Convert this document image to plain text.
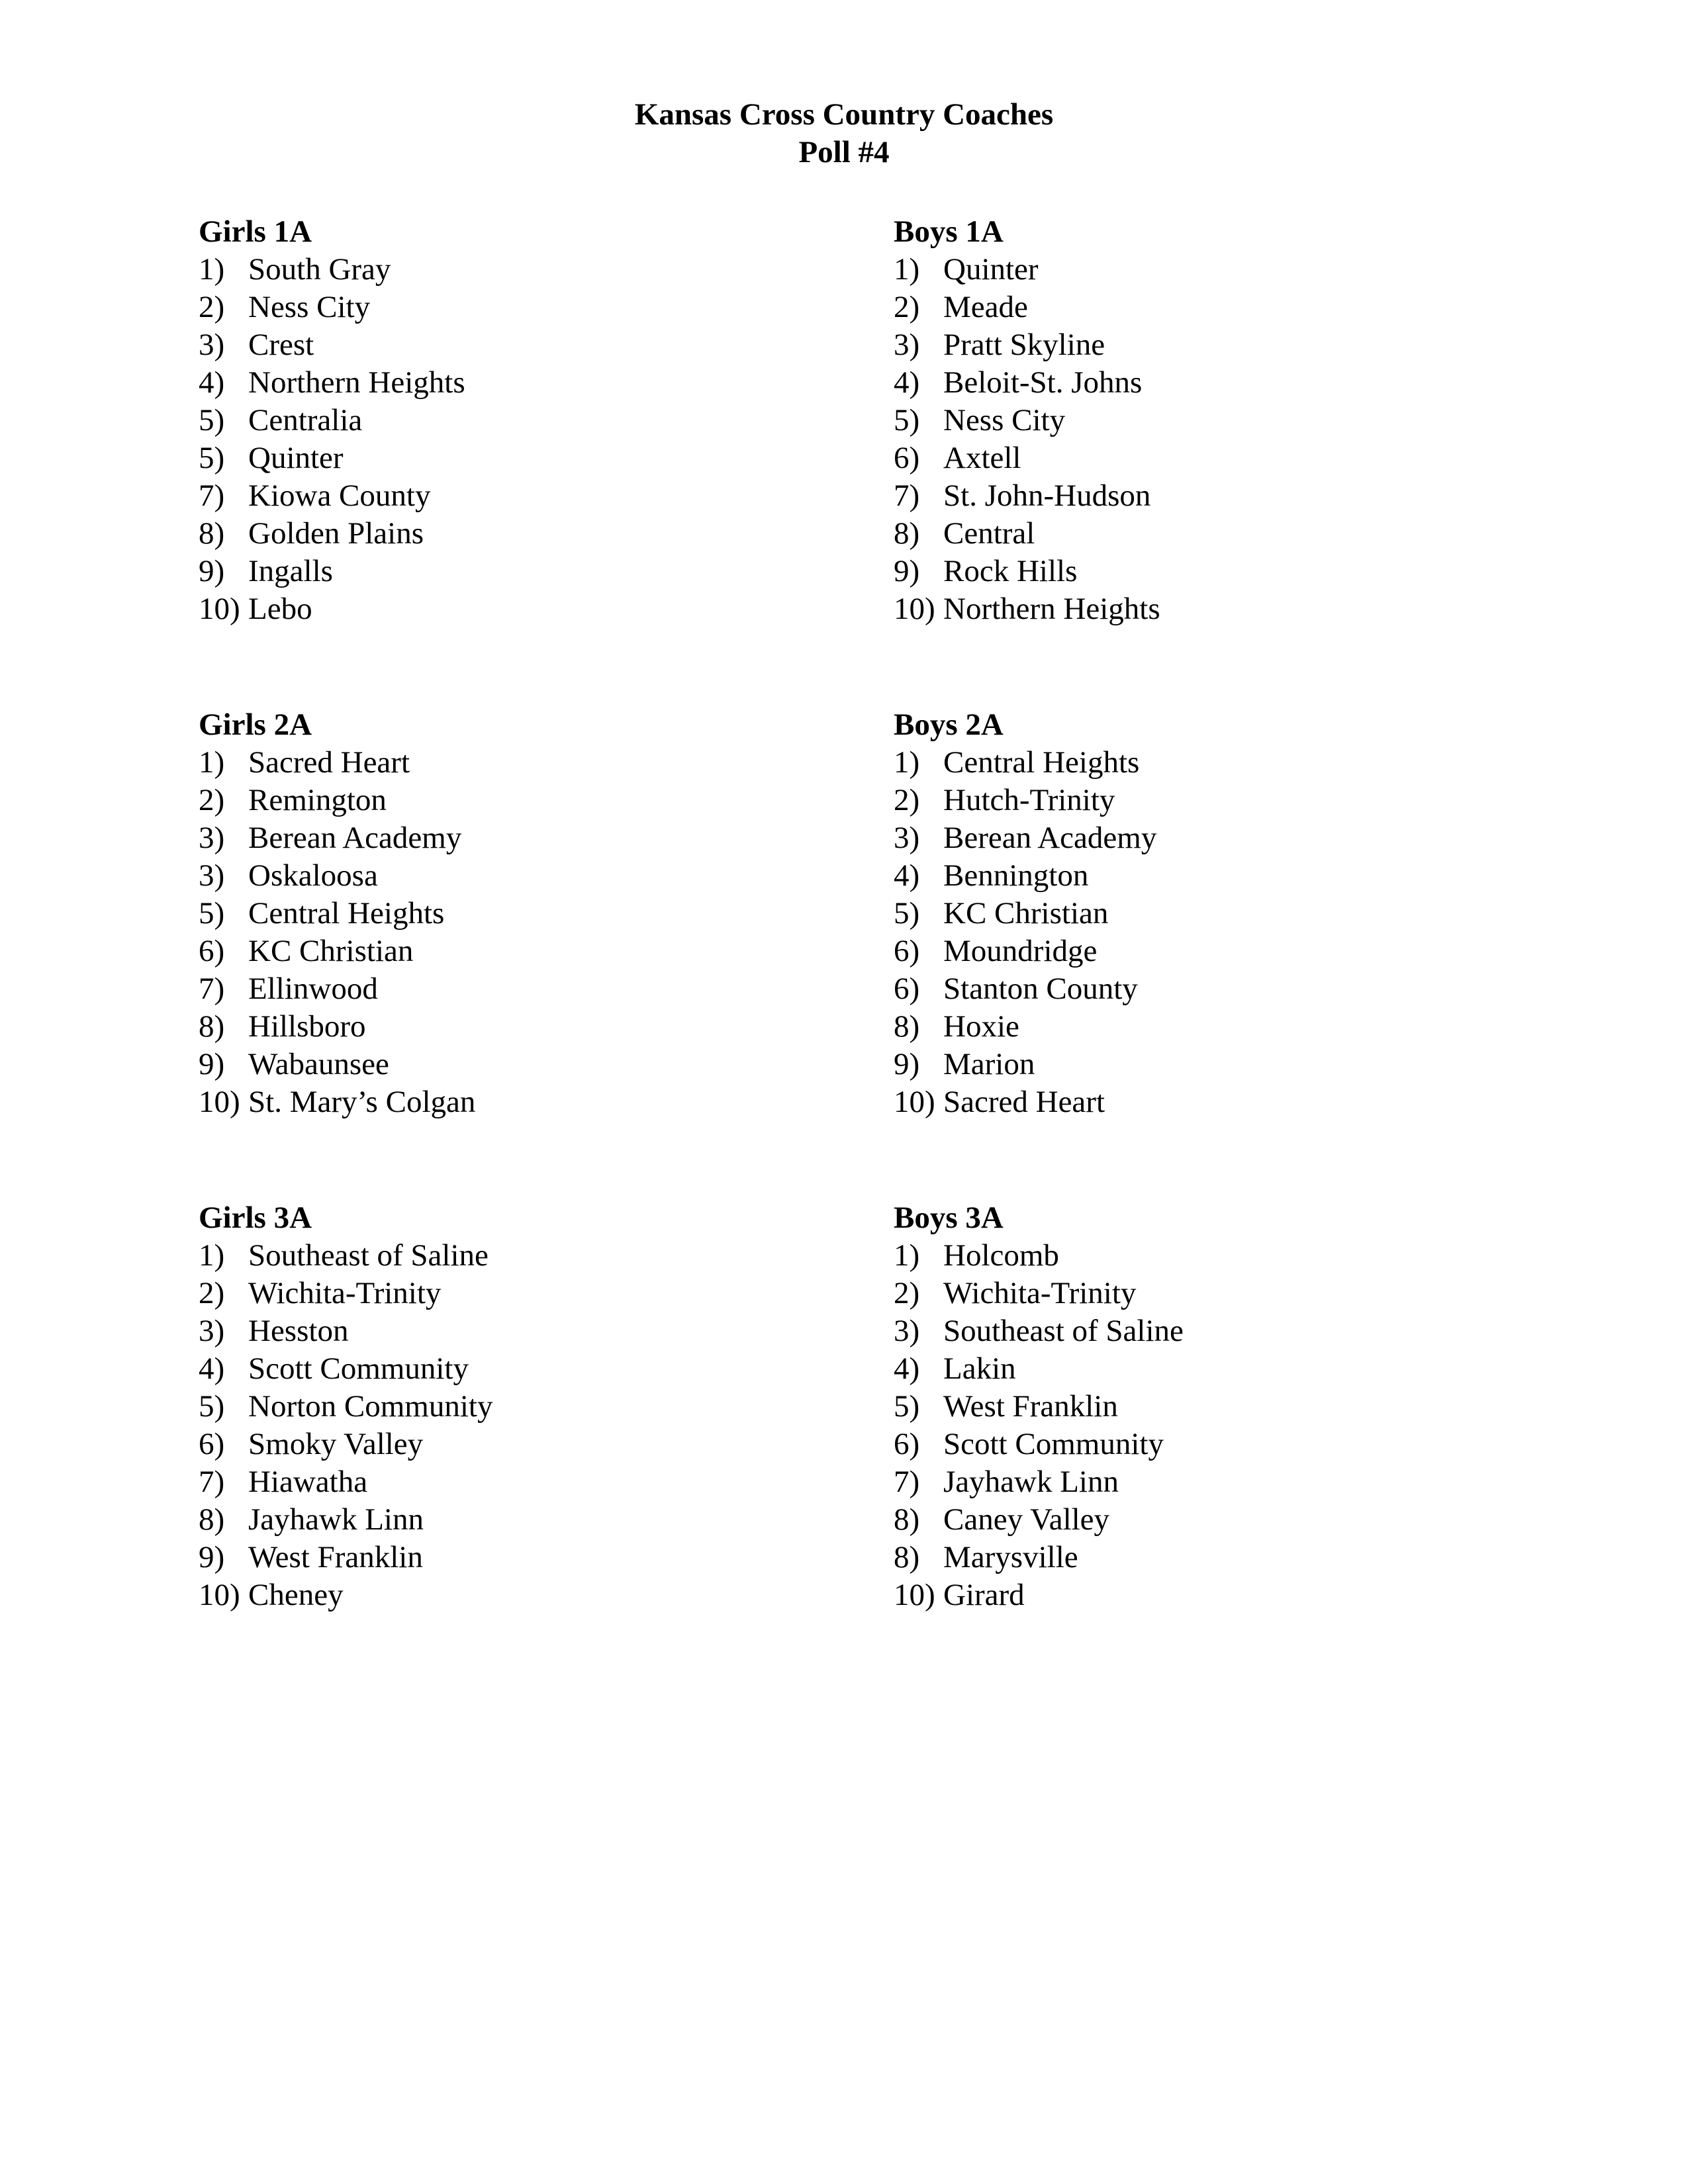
Kansas Cross Country Coaches
Poll #4
Girls 1A
1) South Gray
2) Ness City
3) Crest
4) Northern Heights
5) Centralia
5) Quinter
7) Kiowa County
8) Golden Plains
9) Ingalls
10) Lebo
Boys 1A
1) Quinter
2) Meade
3) Pratt Skyline
4) Beloit-St. Johns
5) Ness City
6) Axtell
7) St. John-Hudson
8) Central
9) Rock Hills
10) Northern Heights
Girls 2A
1) Sacred Heart
2) Remington
3) Berean Academy
3) Oskaloosa
5) Central Heights
6) KC Christian
7) Ellinwood
8) Hillsboro
9) Wabaunsee
10) St. Mary’s Colgan
Boys 2A
1) Central Heights
2) Hutch-Trinity
3) Berean Academy
4) Bennington
5) KC Christian
6) Moundridge
6) Stanton County
8) Hoxie
9) Marion
10) Sacred Heart
Girls 3A
1) Southeast of Saline
2) Wichita-Trinity
3) Hesston
4) Scott Community
5) Norton Community
6) Smoky Valley
7) Hiawatha
8) Jayhawk Linn
9) West Franklin
10) Cheney
Boys 3A
1) Holcomb
2) Wichita-Trinity
3) Southeast of Saline
4) Lakin
5) West Franklin
6) Scott Community
7) Jayhawk Linn
8) Caney Valley
8) Marysville
10) Girard
